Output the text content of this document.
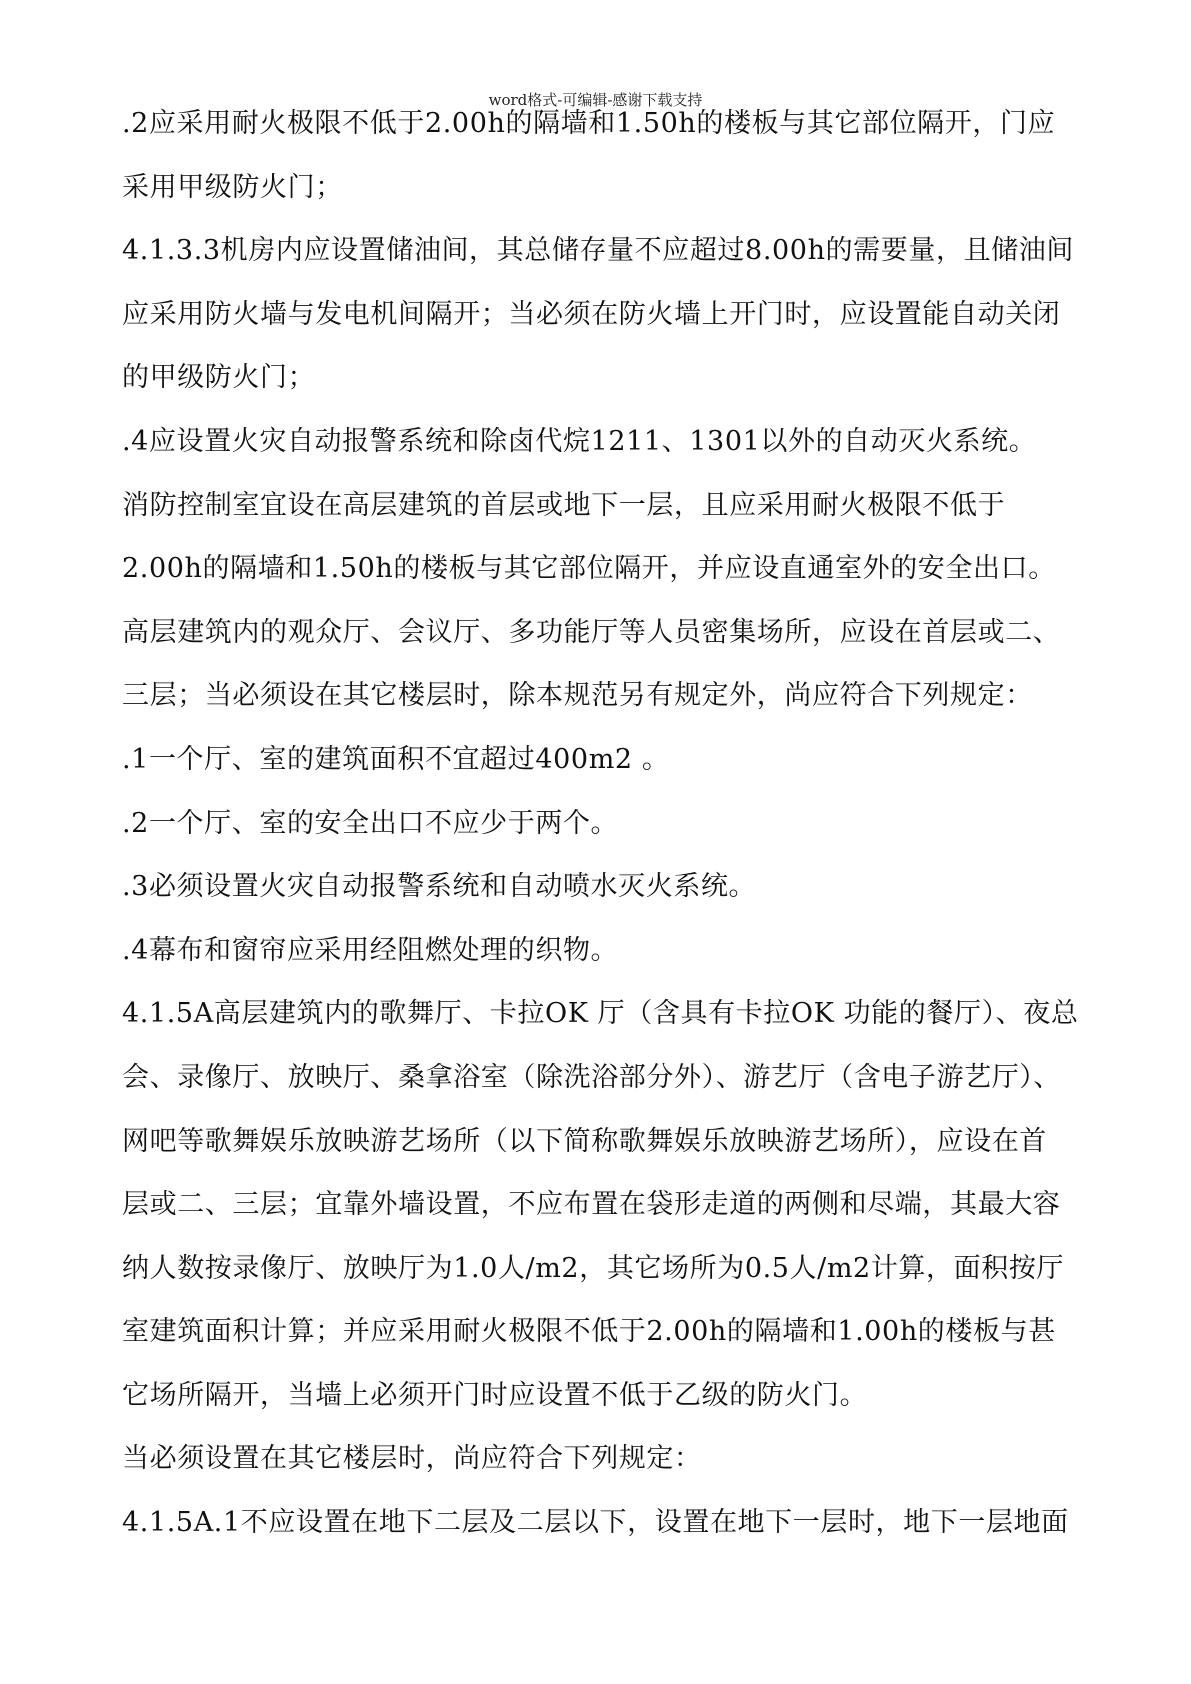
word格式-可编辑-感谢下载支持
.2应采用耐火极限不低于2.00h的隔墙和1.50h的楼板与其它部位隔开，门应
采用甲级防火门；
4.1.3.3机房内应设置储油间，其总储存量不应超过8.00h的需要量，且储油间
应采用防火墙与发电机间隔开；当必须在防火墙上开门时，应设置能自动关闭
的甲级防火门；
.4应设置火灾自动报警系统和除卤代烷1211、1301以外的自动灭火系统。
消防控制室宜设在高层建筑的首层或地下一层，且应采用耐火极限不低于
2.00h的隔墙和1.50h的楼板与其它部位隔开，并应设直通室外的安全出口。
高层建筑内的观众厅、会议厅、多功能厅等人员密集场所，应设在首层或二、
三层；当必须设在其它楼层时，除本规范另有规定外，尚应符合下列规定：
.1一个厅、室的建筑面积不宜超过400m2 。
.2一个厅、室的安全出口不应少于两个。
.3必须设置火灾自动报警系统和自动喷水灭火系统。
.4幕布和窗帘应采用经阻燃处理的织物。
4.1.5A高层建筑内的歌舞厅、卡拉OK 厅（含具有卡拉OK 功能的餐厅）、夜总
会、录像厅、放映厅、桑拿浴室（除洗浴部分外）、游艺厅（含电子游艺厅）、
网吧等歌舞娱乐放映游艺场所（以下简称歌舞娱乐放映游艺场所），应设在首
层或二、三层；宜靠外墙设置，不应布置在袋形走道的两侧和尽端，其最大容
纳人数按录像厅、放映厅为1.0人/m2，其它场所为0.5人/m2计算，面积按厅
室建筑面积计算；并应采用耐火极限不低于2.00h的隔墙和1.00h的楼板与甚
它场所隔开，当墙上必须开门时应设置不低于乙级的防火门。
当必须设置在其它楼层时，尚应符合下列规定：
4.1.5A.1不应设置在地下二层及二层以下，设置在地下一层时，地下一层地面
